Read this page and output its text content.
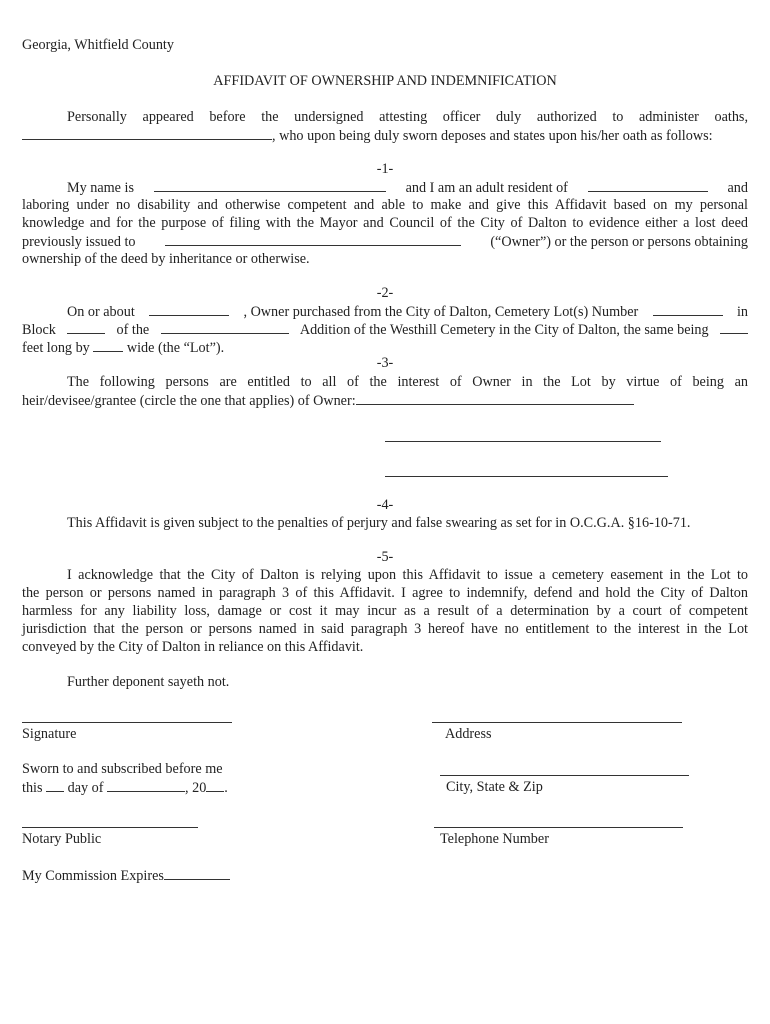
Georgia, Whitfield County
AFFIDAVIT OF OWNERSHIP AND INDEMNIFICATION
Personally appeared before the undersigned attesting officer duly authorized to administer oaths,
, who upon being duly sworn deposes and states upon his/her oath as follows:
-1-
My name is	and I am an adult resident of	and
laboring under no disability and otherwise competent and able to make and give this Affidavit based on my personal
knowledge and for the purpose of filing with the Mayor and Council of the City of Dalton to evidence either a lost deed
previously issued to	(“Owner”) or the person or persons obtaining
ownership of the deed by inheritance or otherwise.
-2-
On or about	, Owner purchased from the City of Dalton, Cemetery Lot(s) Number	in
Block	of the	Addition of the Westhill Cemetery in the City of Dalton, the same being
feet long by	wide (the “Lot”).
-3-
The following persons are entitled to all of the interest of Owner in the Lot by virtue of being an
heir/devisee/grantee (circle the one that applies) of Owner:
-4-
This Affidavit is given subject to the penalties of perjury and false swearing as set for in O.C.G.A. §16-10-71.
-5-
I acknowledge that the City of Dalton is relying upon this Affidavit to issue a cemetery easement in the Lot to
the person or persons named in paragraph 3 of this Affidavit. I agree to indemnify, defend and hold the City of Dalton
harmless for any liability loss, damage or cost it may incur as a result of a determination by a court of competent
jurisdiction that the person or persons named in said paragraph 3 hereof have no entitlement to the interest in the Lot
conveyed by the City of Dalton in reliance on this Affidavit.
Further deponent sayeth not.
Signature	Address
Sworn to and subscribed before me
this day of	, 20 .	City, State & Zip
Notary Public	Telephone Number
My Commission Expires
